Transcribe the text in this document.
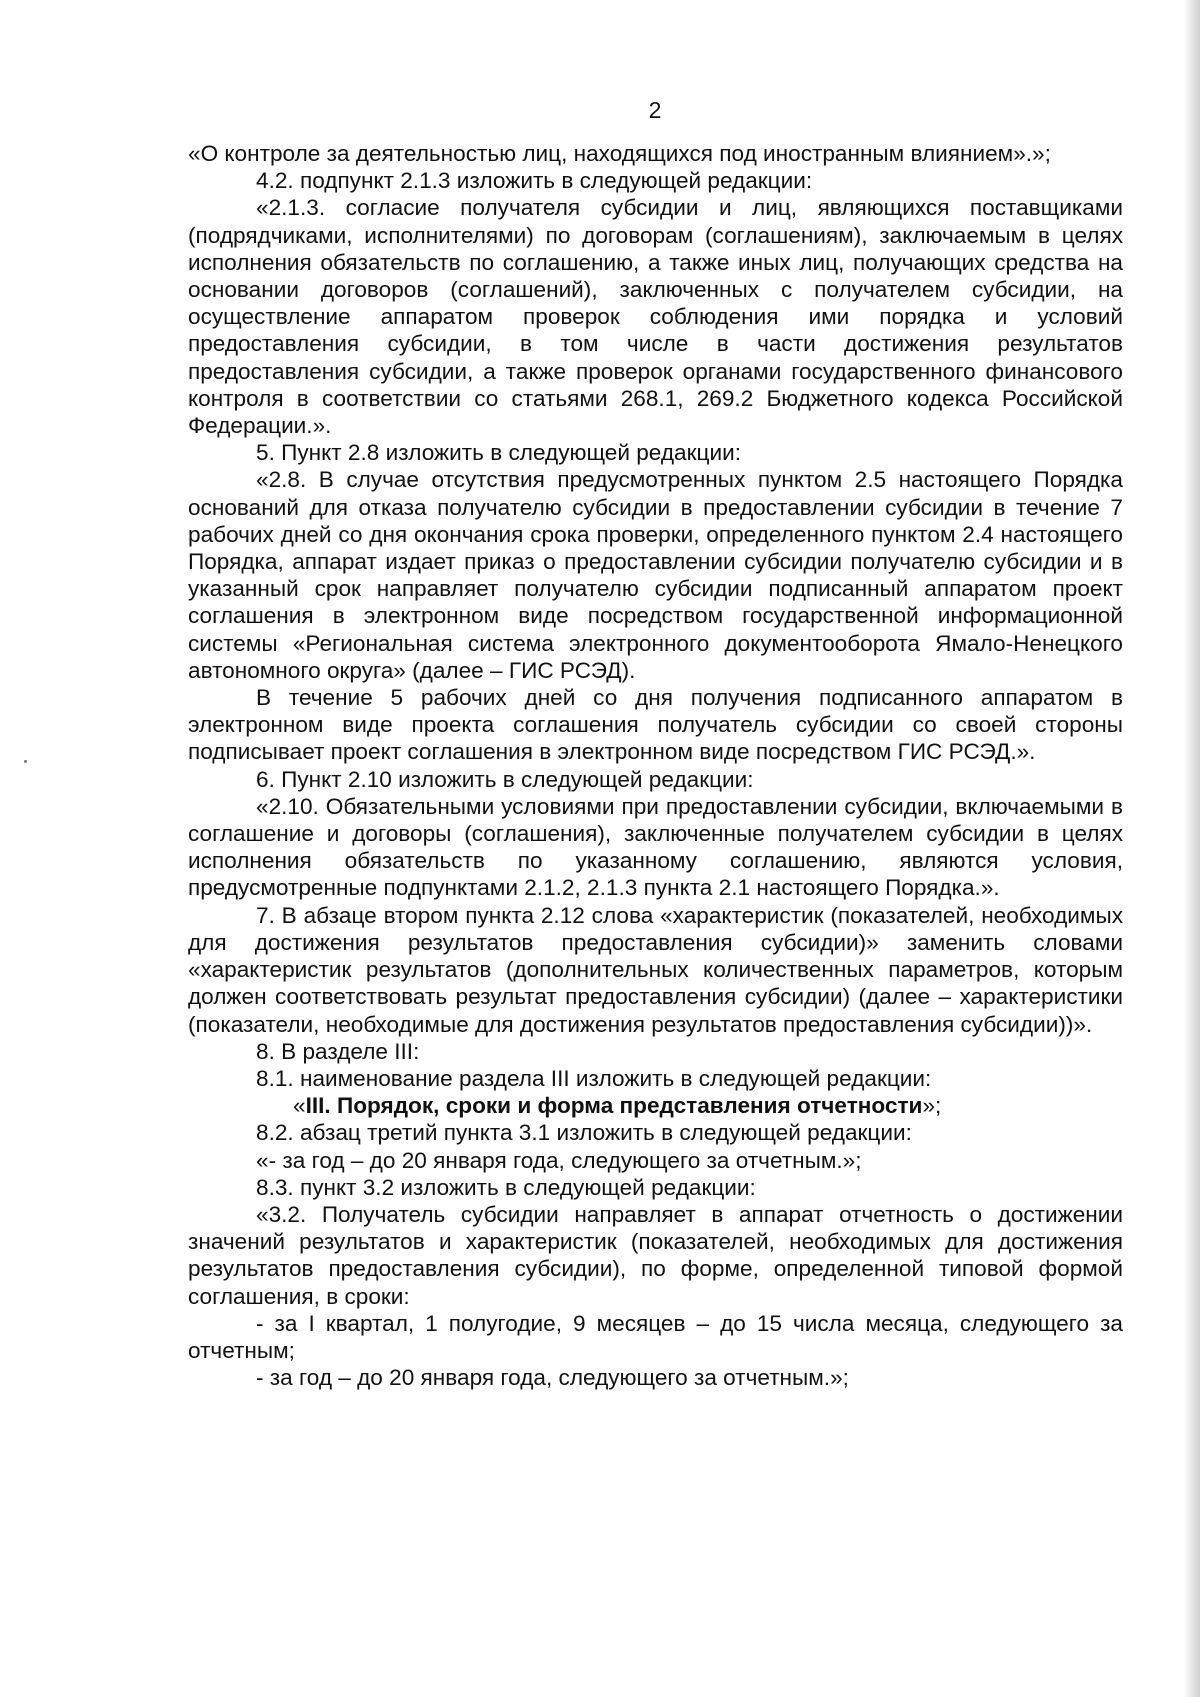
2

«О контроле за деятельностью лиц, находящихся под иностранным влиянием».»;

4.2. подпункт 2.1.3 изложить в следующей редакции:

«2.1.3. согласие получателя субсидии и лиц, являющихся поставщиками (подрядчиками, исполнителями) по договорам (соглашениям), заключаемым в целях исполнения обязательств по соглашению, а также иных лиц, получающих средства на основании договоров (соглашений), заключенных с получателем субсидии, на осуществление аппаратом проверок соблюдения ими порядка и условий предоставления субсидии, в том числе в части достижения результатов предоставления субсидии, а также проверок органами государственного финансового контроля в соответствии со статьями 268.1, 269.2 Бюджетного кодекса Российской Федерации.».

5. Пункт 2.8 изложить в следующей редакции:

«2.8. В случае отсутствия предусмотренных пунктом 2.5 настоящего Порядка оснований для отказа получателю субсидии в предоставлении субсидии в течение 7 рабочих дней со дня окончания срока проверки, определенного пунктом 2.4 настоящего Порядка, аппарат издает приказ о предоставлении субсидии получателю субсидии и в указанный срок направляет получателю субсидии подписанный аппаратом проект соглашения в электронном виде посредством государственной информационной системы «Региональная система электронного документооборота Ямало-Ненецкого автономного округа» (далее – ГИС РСЭД).

В течение 5 рабочих дней со дня получения подписанного аппаратом в электронном виде проекта соглашения получатель субсидии со своей стороны подписывает проект соглашения в электронном виде посредством ГИС РСЭД.».

6. Пункт 2.10 изложить в следующей редакции:

«2.10. Обязательными условиями при предоставлении субсидии, включаемыми в соглашение и договоры (соглашения), заключенные получателем субсидии в целях исполнения обязательств по указанному соглашению, являются условия, предусмотренные подпунктами 2.1.2, 2.1.3 пункта 2.1 настоящего Порядка.».

7. В абзаце втором пункта 2.12 слова «характеристик (показателей, необходимых для достижения результатов предоставления субсидии)» заменить словами «характеристик результатов (дополнительных количественных параметров, которым должен соответствовать результат предоставления субсидии) (далее – характеристики (показатели, необходимые для достижения результатов предоставления субсидии))».

8. В разделе III:

8.1. наименование раздела III изложить в следующей редакции:

«III. Порядок, сроки и форма представления отчетности»;

8.2. абзац третий пункта 3.1 изложить в следующей редакции:

«- за год – до 20 января года, следующего за отчетным.»;

8.3. пункт 3.2 изложить в следующей редакции:

«3.2. Получатель субсидии направляет в аппарат отчетность о достижении значений результатов и характеристик (показателей, необходимых для достижения результатов предоставления субсидии), по форме, определенной типовой формой соглашения, в сроки:

- за I квартал, 1 полугодие, 9 месяцев – до 15 числа месяца, следующего за отчетным;

- за год – до 20 января года, следующего за отчетным.»;
